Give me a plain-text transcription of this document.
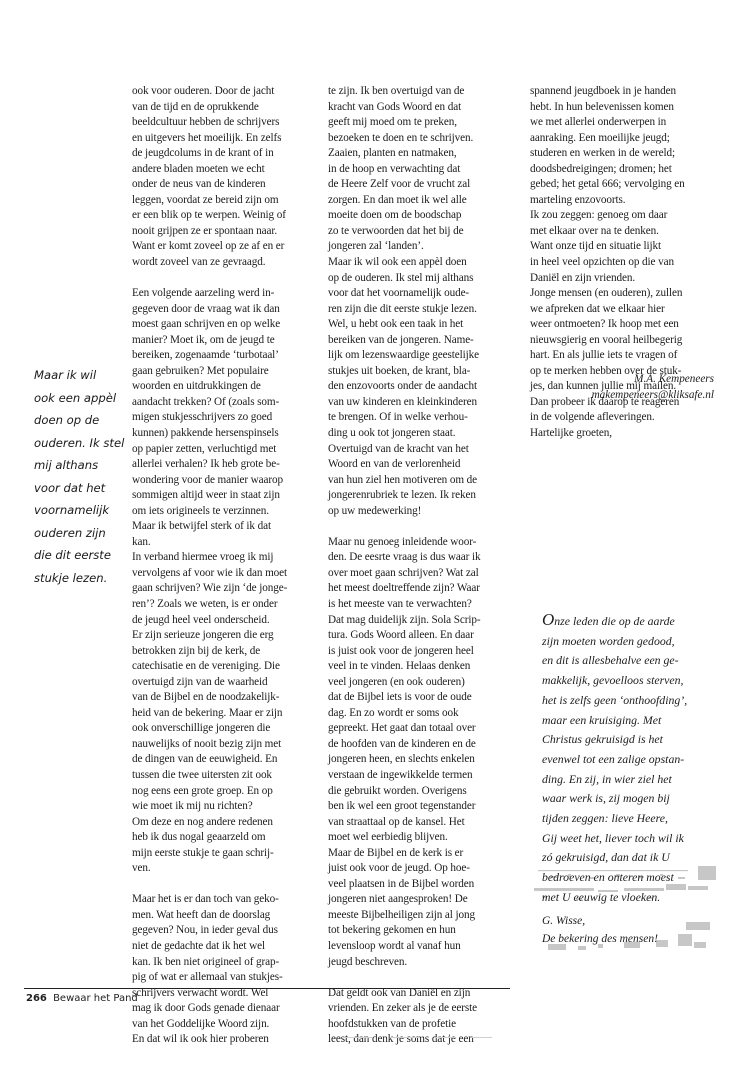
ook voor ouderen. Door de jacht

van de tijd en de oprukkende

beeldcultuur hebben de schrijvers

en uitgevers het moeilijk. En zelfs

de jeugdcolums in de krant of in

andere bladen moeten we echt

onder de neus van de kinderen

leggen, voordat ze bereid zijn om

er een blik op te werpen. Weinig of

nooit grijpen ze er spontaan naar.

Want er komt zoveel op ze af en er

wordt zoveel van ze gevraagd.

Een volgende aarzeling werd in-

gegeven door de vraag wat ik dan

moest gaan schrijven en op welke

manier? Moet ik, om de jeugd te

bereiken, zogenaamde ‘turbotaal’

gaan gebruiken? Met populaire

woorden en uitdrukkingen de

aandacht trekken? Of (zoals som-

migen stukjesschrijvers zo goed

kunnen) pakkende hersenspinsels

op papier zetten, verluchtigd met

allerlei verhalen? Ik heb grote be-

wondering voor de manier waarop

sommigen altijd weer in staat zijn

om iets origineels te verzinnen.

Maar ik betwijfel sterk of ik dat

kan.

In verband hiermee vroeg ik mij

vervolgens af voor wie ik dan moet

gaan schrijven? Wie zijn ‘de jonge-

ren’? Zoals we weten, is er onder

de jeugd heel veel onderscheid.

Er zijn serieuze jongeren die erg

betrokken zijn bij de kerk, de

catechisatie en de vereniging. Die

overtuigd zijn van de waarheid

van de Bijbel en de noodzakelijk-

heid van de bekering. Maar er zijn

ook onverschillige jongeren die

nauwelijks of nooit bezig zijn met

de dingen van de eeuwigheid. En

tussen die twee uitersten zit ook

nog eens een grote groep. En op

wie moet ik mij nu richten?

Om deze en nog andere redenen

heb ik dus nogal geaarzeld om

mijn eerste stukje te gaan schrij-

ven.

Maar het is er dan toch van geko-

men. Wat heeft dan de doorslag

gegeven? Nou, in ieder geval dus

niet de gedachte dat ik het wel

kan. Ik ben niet origineel of grap-

pig of wat er allemaal van stukjes-

schrijvers verwacht wordt. Wel

mag ik door Gods genade dienaar

van het Goddelijke Woord zijn.

En dat wil ik ook hier proberen

te zijn. Ik ben overtuigd van de

kracht van Gods Woord en dat

geeft mij moed om te preken,

bezoeken te doen en te schrijven.

Zaaien, planten en natmaken,

in de hoop en verwachting dat

de Heere Zelf voor de vrucht zal

zorgen. En dan moet ik wel alle

moeite doen om de boodschap

zo te verwoorden dat het bij de

jongeren zal ‘landen’.

Maar ik wil ook een appèl doen

op de ouderen. Ik stel mij althans

voor dat het voornamelijk oude-

ren zijn die dit eerste stukje lezen.

Wel, u hebt ook een taak in het

bereiken van de jongeren. Name-

lijk om lezenswaardige geestelijke

stukjes uit boeken, de krant, bla-

den enzovoorts onder de aandacht

van uw kinderen en kleinkinderen

te brengen. Of in welke verhou-

ding u ook tot jongeren staat.

Overtuigd van de kracht van het

Woord en van de verlorenheid

van hun ziel hen motiveren om de

jongerenrubriek te lezen. Ik reken

op uw medewerking!

Maar nu genoeg inleidende woor-

den. De eesrte vraag is dus waar ik

over moet gaan schrijven? Wat zal

het meest doeltreffende zijn? Waar

is het meeste van te verwachten?

Dat mag duidelijk zijn. Sola Scrip-

tura. Gods Woord alleen. En daar

is juist ook voor de jongeren heel

veel in te vinden. Helaas denken

veel jongeren (en ook ouderen)

dat de Bijbel iets is voor de oude

dag. En zo wordt er soms ook

gepreekt. Het gaat dan totaal over

de hoofden van de kinderen en de

jongeren heen, en slechts enkelen

verstaan de ingewikkelde termen

die gebruikt worden. Overigens

ben ik wel een groot tegenstander

van straattaal op de kansel. Het

moet wel eerbiedig blijven.

Maar de Bijbel en de kerk is er

juist ook voor de jeugd. Op hoe-

veel plaatsen in de Bijbel worden

jongeren niet aangesproken! De

meeste Bijbelheiligen zijn al jong

tot bekering gekomen en hun

levensloop wordt al vanaf hun

jeugd beschreven.

Dat geldt ook van Daniël en zijn

vrienden. En zeker als je de eerste

hoofdstukken van de profetie

leest, dan denk je soms dat je een

spannend jeugdboek in je handen

hebt. In hun belevenissen komen

we met allerlei onderwerpen in

aanraking. Een moeilijke jeugd;

studeren en werken in de wereld;

doodsbedreigingen; dromen; het

gebed; het getal 666; vervolging en

marteling enzovoorts.

Ik zou zeggen: genoeg om daar

met elkaar over na te denken.

Want onze tijd en situatie lijkt

in heel veel opzichten op die van

Daniël en zijn vrienden.

Jonge mensen (en ouderen), zullen

we afpreken dat we elkaar hier

weer ontmoeten? Ik hoop met een

nieuwsgierig en vooral heilbegerig

hart. En als jullie iets te vragen of

op te merken hebben over de stuk-

jes, dan kunnen jullie mij mailen.

Dan probeer ik daarop te reageren

in de volgende afleveringen.

Hartelijke groeten,

M.A. Kempeneers

makempeneers@kliksafe.nl

Maar ik wil

ook een appèl

doen op de

ouderen. Ik stel

mij althans

voor dat het

voornamelijk

ouderen zijn

die dit eerste

stukje lezen.

Onze leden die op de aarde

zijn moeten worden gedood,

en dit is allesbehalve een ge-

makkelijk, gevoelloos sterven,

het is zelfs geen ‘onthoofding’,

maar een kruisiging. Met

Christus gekruisigd is het

evenwel tot een zalige opstan-

ding. En zij, in wier ziel het

waar werk is, zij mogen bij

tijden zeggen: lieve Heere,

Gij weet het, liever toch wil ik

zó gekruisigd, dan dat ik U

bedroeven en onteren moest

met U eeuwig te vloeken.

G. Wisse,

De bekering des mensen!

266 Bewaar het Pand
